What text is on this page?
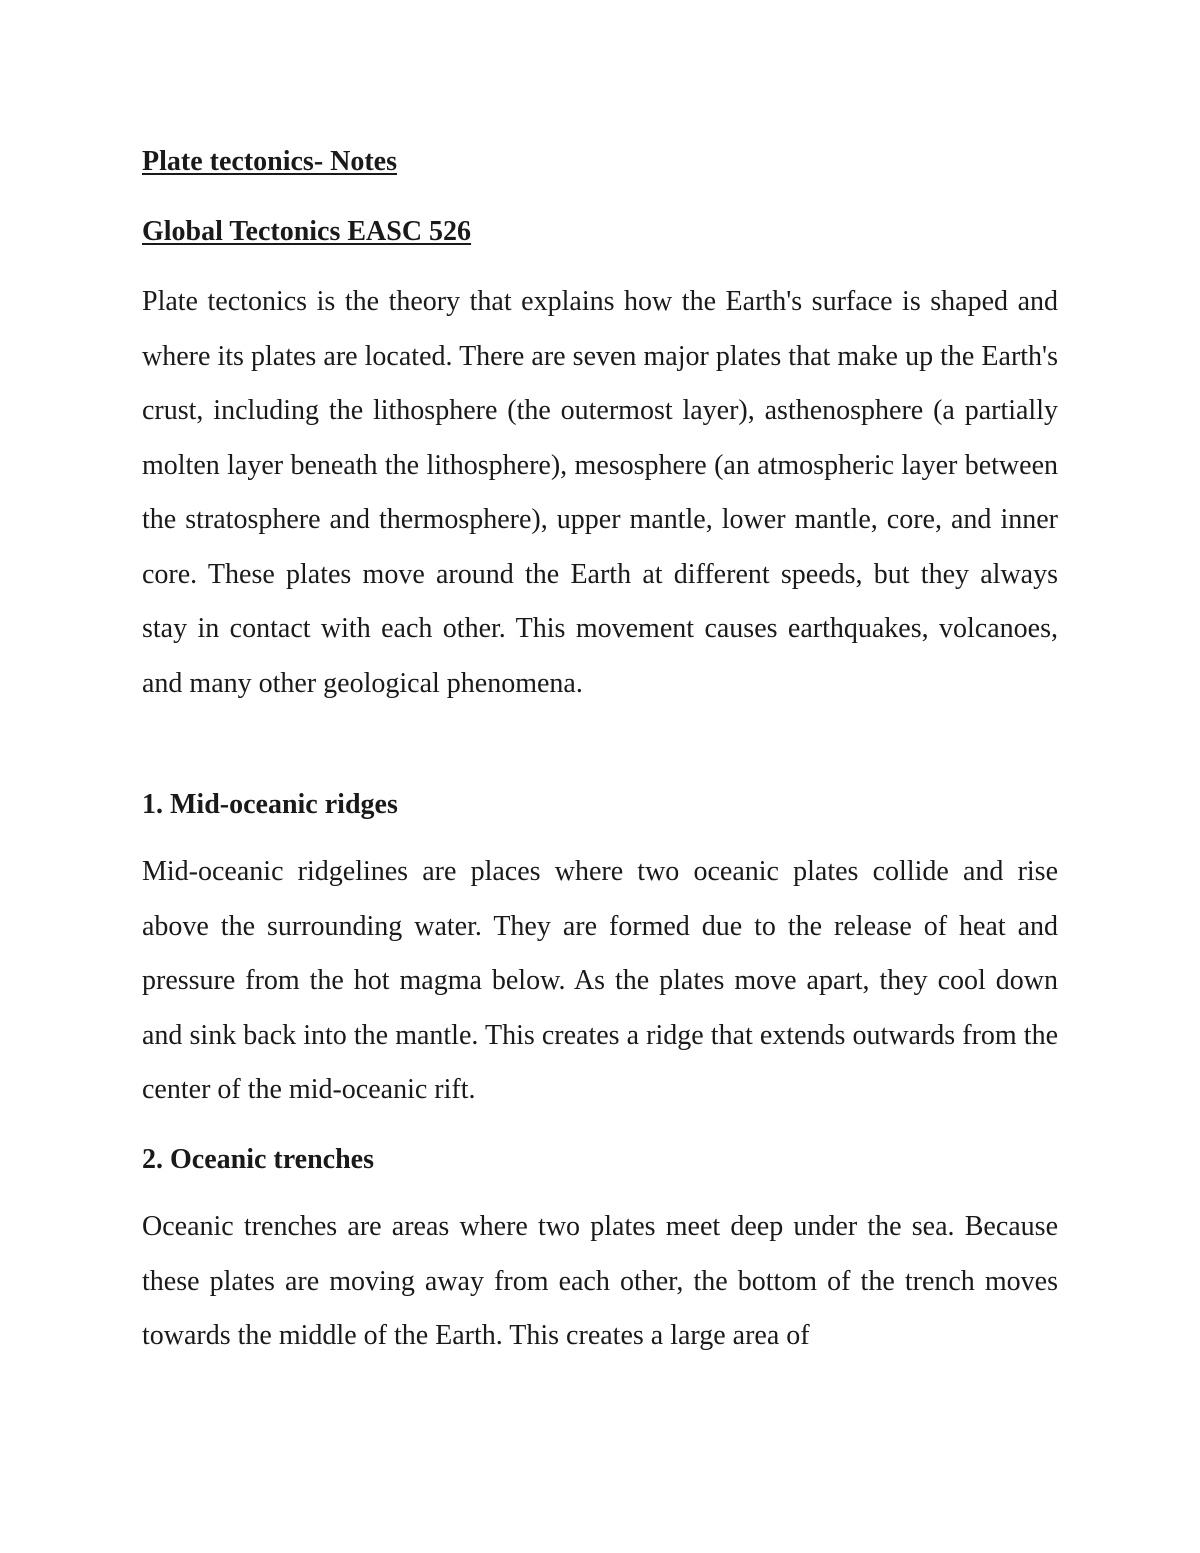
Plate tectonics- Notes
Global Tectonics EASC 526

Plate tectonics is the theory that explains how the Earth's surface is shaped and where its plates are located. There are seven major plates that make up the Earth's crust, including the lithosphere (the outermost layer), asthenosphere (a partially molten layer beneath the lithosphere), mesosphere (an atmospheric layer between the stratosphere and thermosphere), upper mantle, lower mantle, core, and inner core. These plates move around the Earth at different speeds, but they always stay in contact with each other. This movement causes earthquakes, volcanoes, and many other geological phenomena.

1. Mid-oceanic ridges

Mid-oceanic ridgelines are places where two oceanic plates collide and rise above the surrounding water. They are formed due to the release of heat and pressure from the hot magma below. As the plates move apart, they cool down and sink back into the mantle. This creates a ridge that extends outwards from the center of the mid-oceanic rift.

2. Oceanic trenches

Oceanic trenches are areas where two plates meet deep under the sea. Because these plates are moving away from each other, the bottom of the trench moves towards the middle of the Earth. This creates a large area of
